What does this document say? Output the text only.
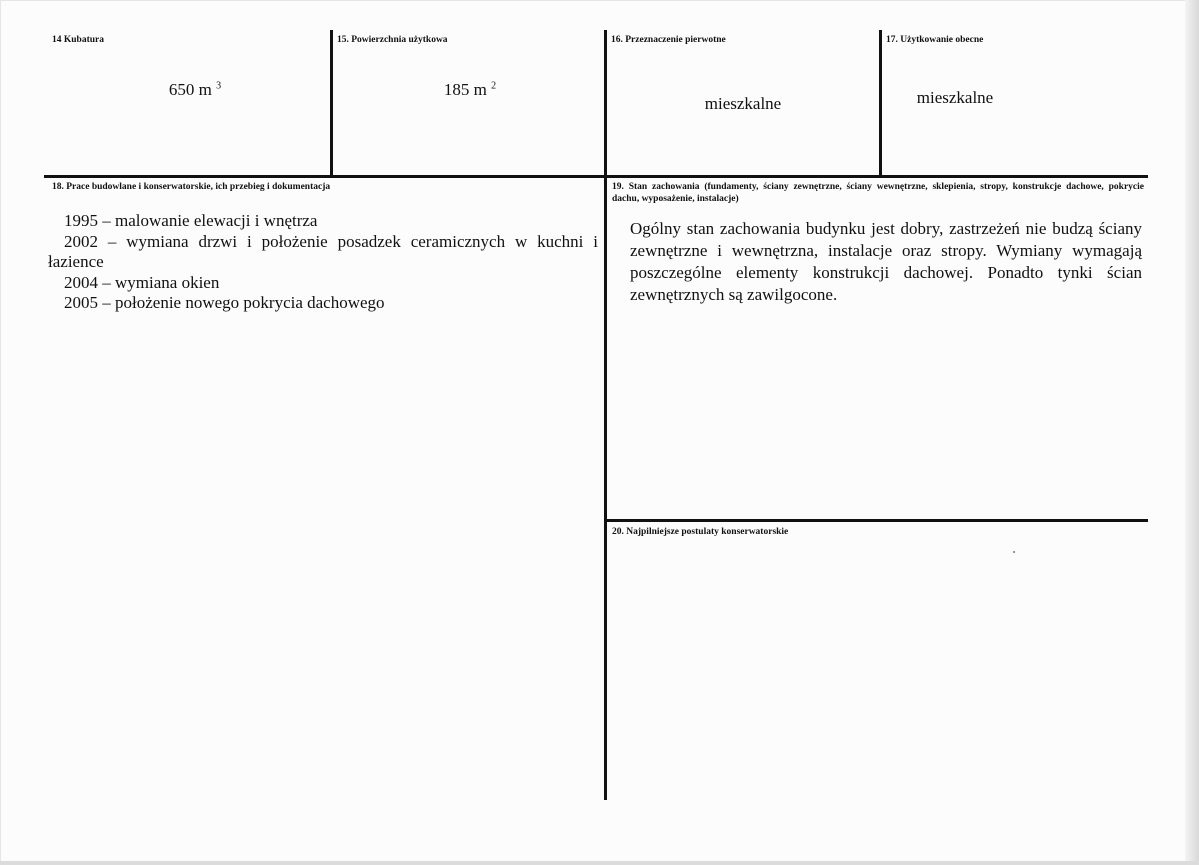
14 Kubatura
650 m $^3$
15. Powierzchnia użytkowa
185 m $^2$
16. Przeznaczenie pierwotne
mieszkalne
17. Użytkowanie obecne
mieszkalne
18. Prace budowlane i konserwatorskie, ich przebieg i dokumentacja
1995 – malowanie elewacji i wnętrza
2002 – wymiana drzwi i położenie posadzek ceramicznych w kuchni i łazience
2004 – wymiana okien
2005 – położenie nowego pokrycia dachowego
19. Stan zachowania (fundamenty, ściany zewnętrzne, ściany wewnętrzne, sklepienia, stropy, konstrukcje dachowe, pokrycie dachu, wyposażenie, instalacje)
Ogólny stan zachowania budynku jest dobry, zastrzeżeń nie budzą ściany zewnętrzne i wewnętrzna, instalacje oraz stropy. Wymiany wymagają poszczególne elementy konstrukcji dachowej. Ponadto tynki ścian zewnętrznych są zawilgocone.
20. Najpilniejsze postulaty konserwatorskie
